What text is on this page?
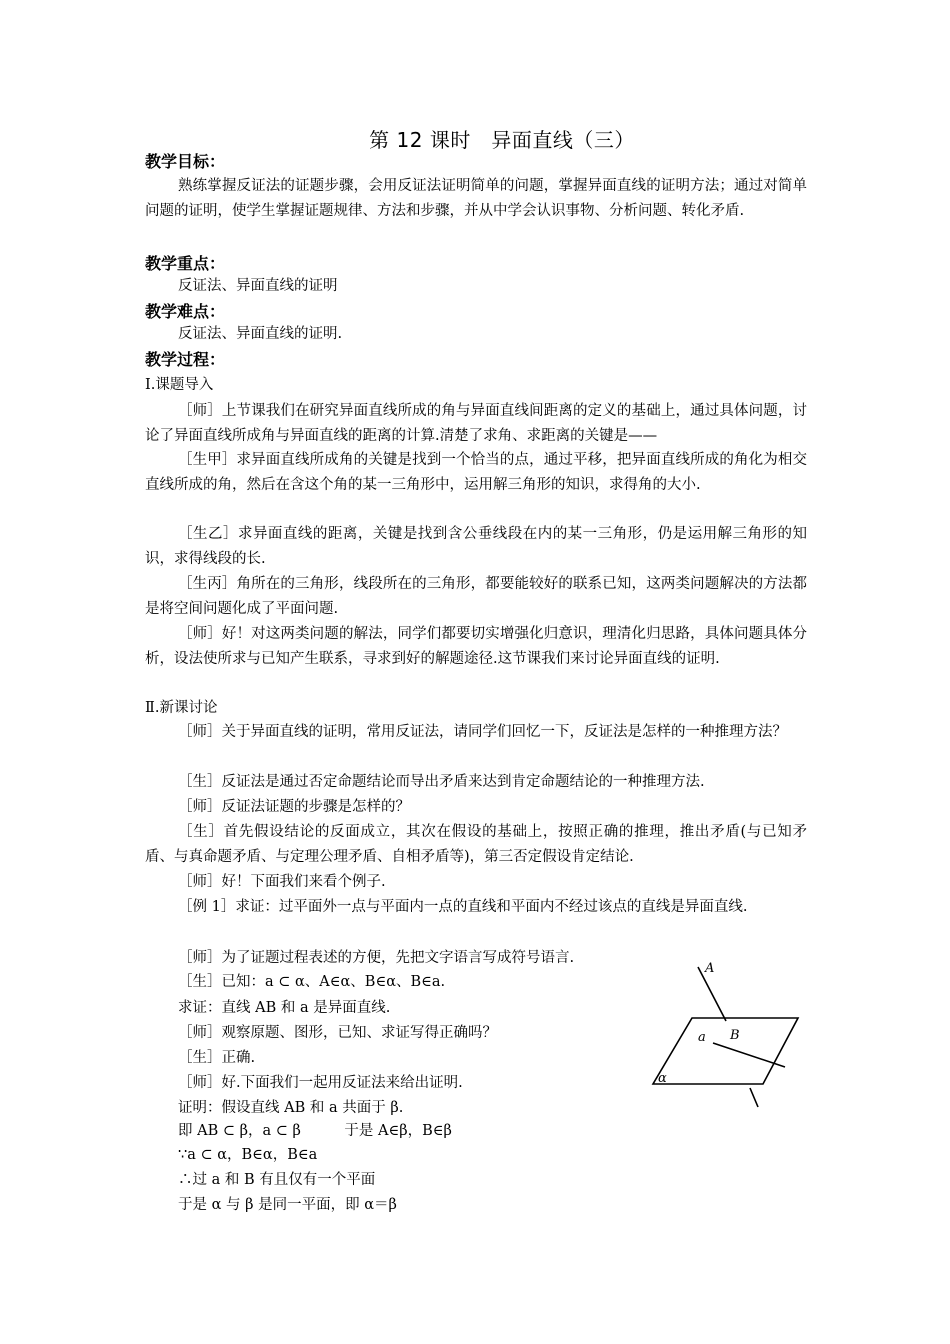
第 12 课时　异面直线（三）
教学目标：
熟练掌握反证法的证题步骤，会用反证法证明简单的问题，掌握异面直线的证明方法；通过对简单问题的证明，使学生掌握证题规律、方法和步骤，并从中学会认识事物、分析问题、转化矛盾.
教学重点：
反证法、异面直线的证明
教学难点：
反证法、异面直线的证明.
教学过程：
Ⅰ.课题导入
［师］上节课我们在研究异面直线所成的角与异面直线间距离的定义的基础上，通过具体问题，讨论了异面直线所成角与异面直线的距离的计算.清楚了求角、求距离的关键是——
［生甲］求异面直线所成角的关键是找到一个恰当的点，通过平移，把异面直线所成的角化为相交直线所成的角，然后在含这个角的某一三角形中，运用解三角形的知识，求得角的大小.
［生乙］求异面直线的距离，关键是找到含公垂线段在内的某一三角形，仍是运用解三角形的知识，求得线段的长.
［生丙］角所在的三角形，线段所在的三角形，都要能较好的联系已知，这两类问题解决的方法都是将空间问题化成了平面问题.
［师］好！对这两类问题的解法，同学们都要切实增强化归意识，理清化归思路，具体问题具体分析，设法使所求与已知产生联系，寻求到好的解题途径.这节课我们来讨论异面直线的证明.
Ⅱ.新课讨论
［师］关于异面直线的证明，常用反证法，请同学们回忆一下，反证法是怎样的一种推理方法？
［生］反证法是通过否定命题结论而导出矛盾来达到肯定命题结论的一种推理方法.
［师］反证法证题的步骤是怎样的？
［生］首先假设结论的反面成立，其次在假设的基础上，按照正确的推理，推出矛盾(与已知矛盾、与真命题矛盾、与定理公理矛盾、自相矛盾等)，第三否定假设肯定结论.
［师］好！下面我们来看个例子.
［例 1］求证：过平面外一点与平面内一点的直线和平面内不经过该点的直线是异面直线.
［师］为了证题过程表述的方便，先把文字语言写成符号语言.
［生］已知：a ⊂ α、A∈α、B∈α、B∈a.
求证：直线 AB 和 a 是异面直线.
［师］观察原题、图形，已知、求证写得正确吗？
［生］正确.
［师］好.下面我们一起用反证法来给出证明.
证明：假设直线 AB 和 a 共面于 β.
即 AB ⊂ β，a ⊂ β　　　于是 A∈β，B∈β
∵a ⊂ α，B∈α，B∈a
∴过 a 和 B 有且仅有一个平面
于是 α 与 β 是同一平面，即 α＝β
A
B
a
α
